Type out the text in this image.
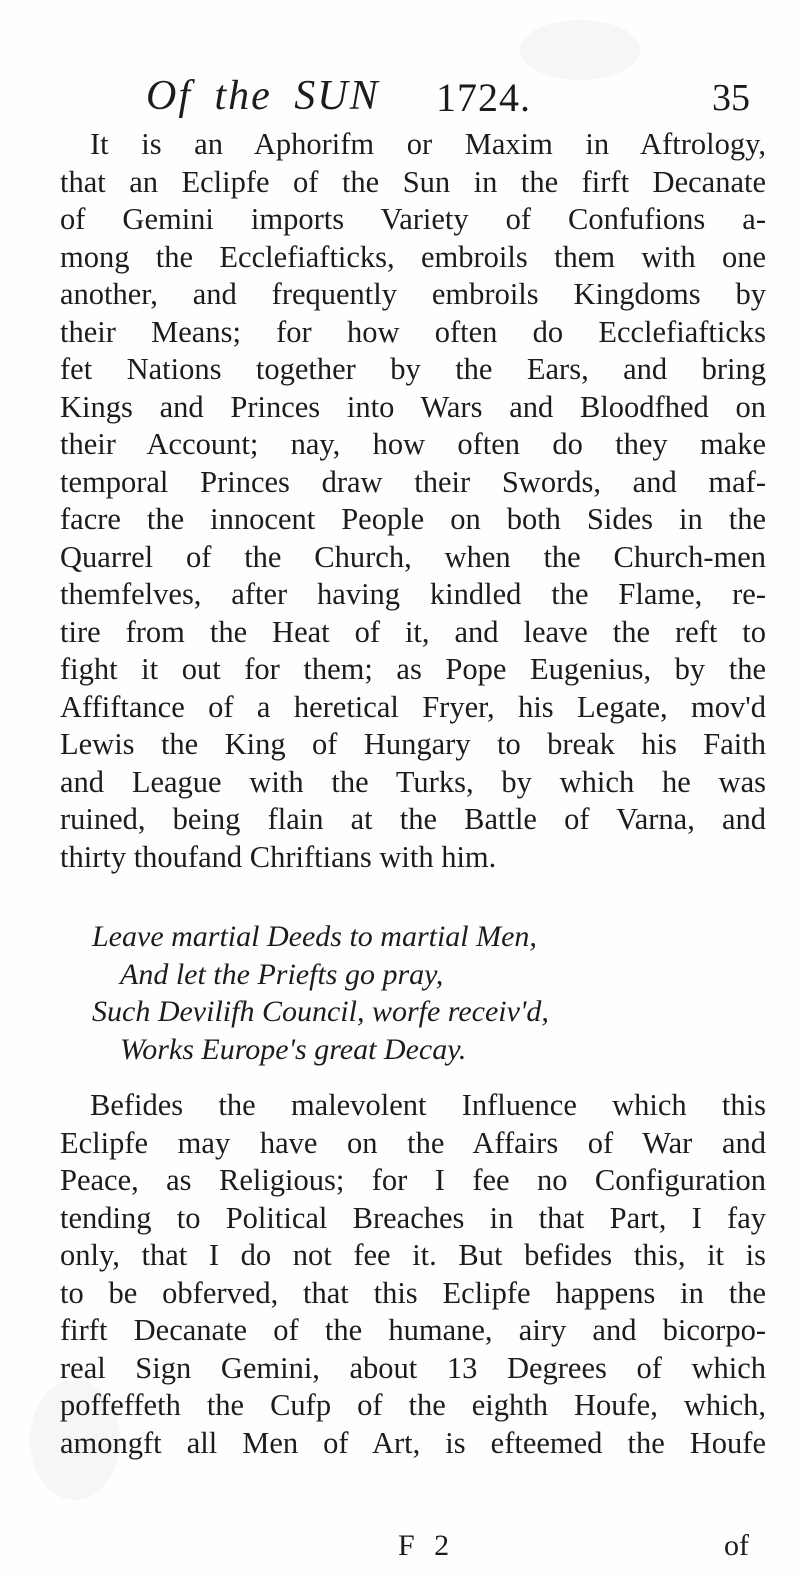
Of the SUN 1724.	35
It is an Aphorifm or Maxim in Aftrology,
that an Eclipfe of the Sun in the firft Decanate
of Gemini imports Variety of Confufions a-
mong the Ecclefiafticks, embroils them with one
another, and frequently embroils Kingdoms by
their Means; for how often do Ecclefiafticks
fet Nations together by the Ears, and bring
Kings and Princes into Wars and Bloodfhed on
their Account; nay, how often do they make
temporal Princes draw their Swords, and maf-
facre the innocent People on both Sides in the
Quarrel of the Church, when the Church-men
themfelves, after having kindled the Flame, re-
tire from the Heat of it, and leave the reft to
fight it out for them; as Pope Eugenius, by the
Affiftance of a heretical Fryer, his Legate, mov'd
Lewis the King of Hungary to break his Faith
and League with the Turks, by which he was
ruined, being flain at the Battle of Varna, and
thirty thoufand Chriftians with him.
Leave martial Deeds to martial Men,
And let the Priefts go pray,
Such Devilifh Council, worfe receiv'd,
Works Europe's great Decay.
Befides the malevolent Influence which this
Eclipfe may have on the Affairs of War and
Peace, as Religious; for I fee no Configuration
tending to Political Breaches in that Part, I fay
only, that I do not fee it. But befides this, it is
to be obferved, that this Eclipfe happens in the
firft Decanate of the humane, airy and bicorpo-
real Sign Gemini, about 13 Degrees of which
poffeffeth the Cufp of the eighth Houfe, which,
amongft all Men of Art, is efteemed the Houfe
F 2	of
